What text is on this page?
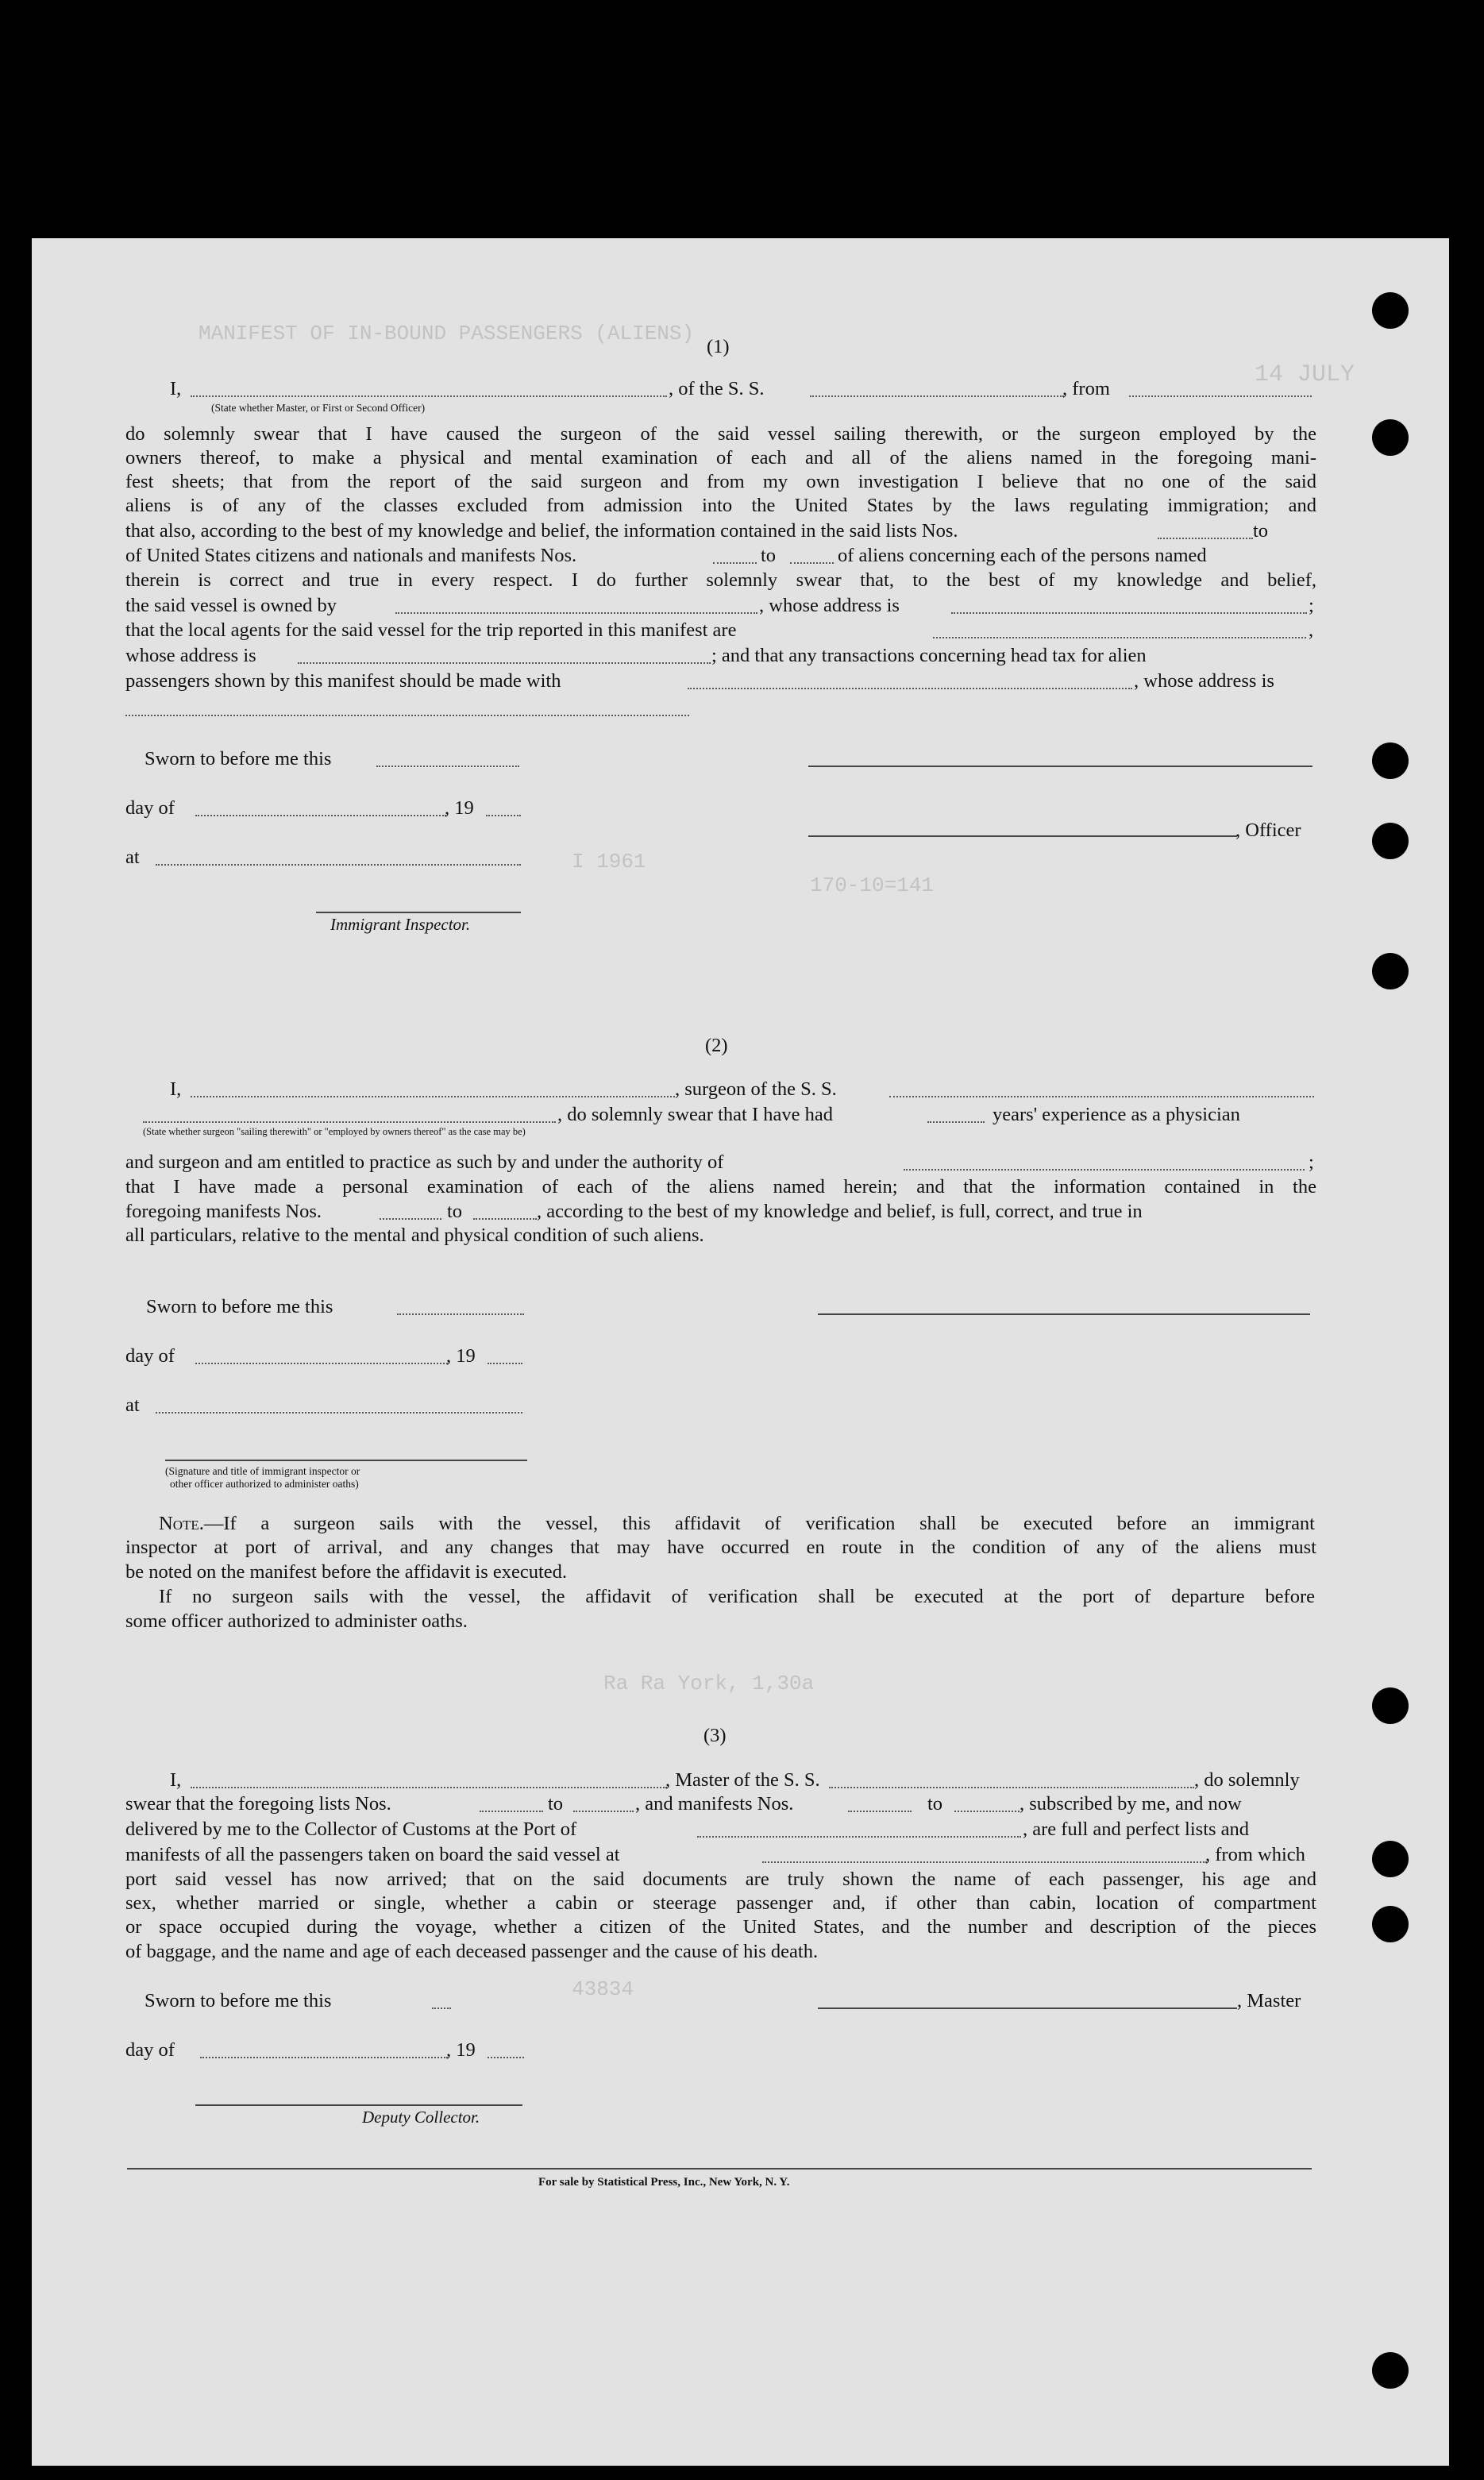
MANIFEST OF IN-BOUND PASSENGERS (ALIENS)
14 JULY
170-10=141
I 1961
Ra Ra York, 1,30a
43834
(1)
I,	, of the S. S.	, from
(State whether Master, or First or Second Officer)
do solemnly swear that I have caused the surgeon of the said vessel sailing therewith, or the surgeon employed by the
owners thereof, to make a physical and mental examination of each and all of the aliens named in the foregoing mani-
fest sheets; that from the report of the said surgeon and from my own investigation I believe that no one of the said
aliens is of any of the classes excluded from admission into the United States by the laws regulating immigration; and
that also, according to the best of my knowledge and belief, the information contained in the said lists Nos.	to
of United States citizens and nationals and manifests Nos.	to	of aliens concerning each of the persons named
therein is correct and true in every respect. I do further solemnly swear that, to the best of my knowledge and belief,
the said vessel is owned by	, whose address is	;
that the local agents for the said vessel for the trip reported in this manifest are	,
whose address is	; and that any transactions concerning head tax for alien
passengers shown by this manifest should be made with	, whose address is
Sworn to before me this
day of	, 19
, Officer
at
Immigrant Inspector.
(2)
I,	, surgeon of the S. S.
, do solemnly swear that I have had	years' experience as a physician
(State whether surgeon "sailing therewith" or "employed by owners thereof" as the case may be)
and surgeon and am entitled to practice as such by and under the authority of	;
that I have made a personal examination of each of the aliens named herein; and that the information contained in the
foregoing manifests Nos.	to	, according to the best of my knowledge and belief, is full, correct, and true in
all particulars, relative to the mental and physical condition of such aliens.
Sworn to before me this
day of	, 19
at
(Signature and title of immigrant inspector or
other officer authorized to administer oaths)
Note.—If a surgeon sails with the vessel, this affidavit of verification shall be executed before an immigrant
inspector at port of arrival, and any changes that may have occurred en route in the condition of any of the aliens must
be noted on the manifest before the affidavit is executed.
If no surgeon sails with the vessel, the affidavit of verification shall be executed at the port of departure before
some officer authorized to administer oaths.
(3)
I,	, Master of the S. S.	, do solemnly
swear that the foregoing lists Nos.	to	, and manifests Nos.	to	, subscribed by me, and now
delivered by me to the Collector of Customs at the Port of	, are full and perfect lists and
manifests of all the passengers taken on board the said vessel at	, from which
port said vessel has now arrived; that on the said documents are truly shown the name of each passenger, his age and
sex, whether married or single, whether a cabin or steerage passenger and, if other than cabin, location of compartment
or space occupied during the voyage, whether a citizen of the United States, and the number and description of the pieces
of baggage, and the name and age of each deceased passenger and the cause of his death.
Sworn to before me this	, Master
day of	, 19
Deputy Collector.
For sale by Statistical Press, Inc., New York, N. Y.
